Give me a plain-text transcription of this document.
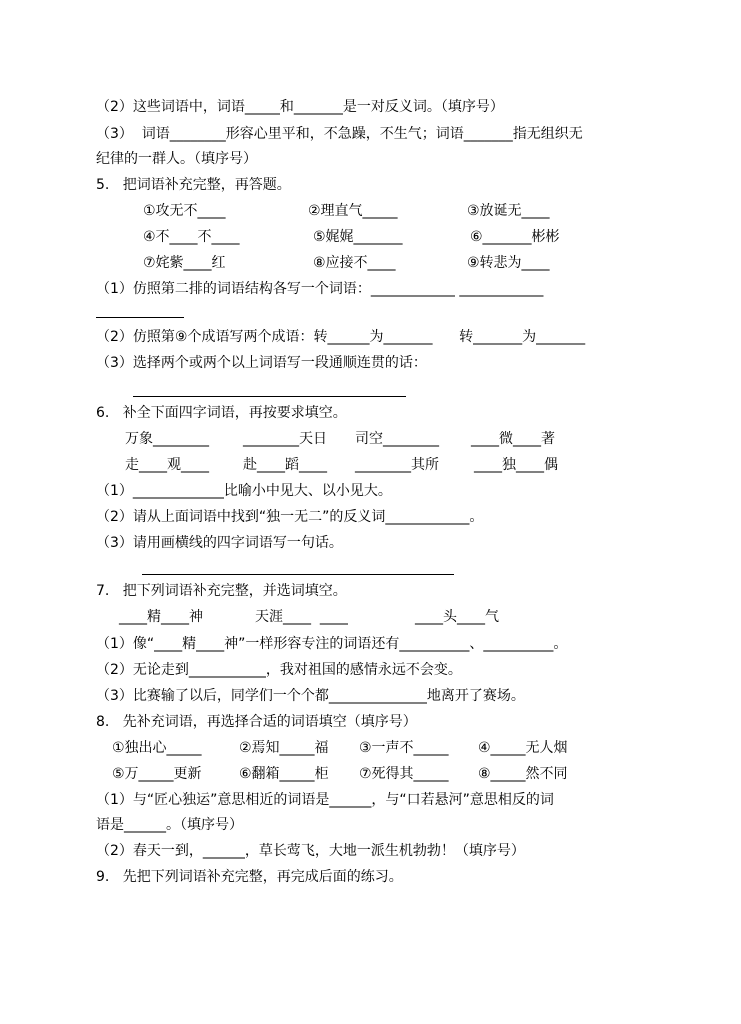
（2）这些词语中，词语_____和_______是一对反义词。（填序号）
（3）  词语________形容心里平和，不急躁，不生气；词语_______指无组织无
纪律的一群人。（填序号）
5.   把词语补充完整，再答题。
①攻无不____	②理直气_____	③放诞无____
④不____不____	⑤娓娓_______	⑥_______彬彬
⑦姹紫____红	⑧应接不____	⑨转悲为____
（1）仿照第二排的词语结构各写一个词语：____________ ____________
（2）仿照第⑨个成语写两个成语：转______为_______      转_______为_______
（3）选择两个或两个以上词语写一段通顺连贯的话：
6.   补全下面四字词语，再按要求填空。
万象________ ________天日 司空________ ____微____著
走____观____ 赴____蹈____ ________其所	____独____偶
（1）_____________比喻小中见大、以小见大。
（2）请从上面词语中找到“独一无二”的反义词____________。
（3）请用画横线的四字词语写一句话。
7.   把下列词语补充完整，并选词填空。
____精____神	天涯____  ____	____头____气
（1）像“____精____神”一样形容专注的词语还有__________、__________。
（2）无论走到___________，我对祖国的感情永远不会变。
（3）比赛输了以后，同学们一个个都______________地离开了赛场。
8.   先补充词语，再选择合适的词语填空（填序号）
①独出心_____	②焉知_____福 ③一声不_____ ④_____无人烟
⑤万_____更新	⑥翻箱_____柜 ⑦死得其_____ ⑧_____然不同
（1）与“匠心独运”意思相近的词语是______，与“口若悬河”意思相反的词
语是______。（填序号）
（2）春天一到，______，草长莺飞，大地一派生机勃勃！（填序号）
9.   先把下列词语补充完整，再完成后面的练习。
